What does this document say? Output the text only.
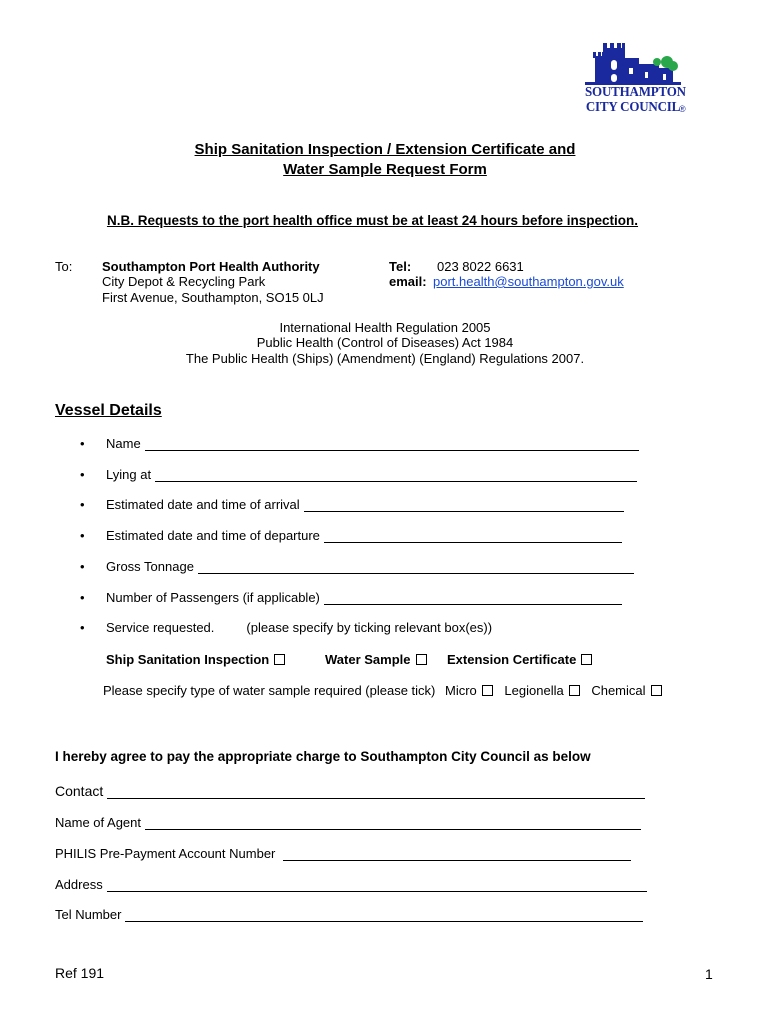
SOUTHAMPTON
CITY COUNCIL
®
Ship Sanitation Inspection / Extension Certificate and
Water Sample Request Form
N.B. Requests to the port health office must be at least 24 hours before inspection.
To: Southampton Port Health Authority
City Depot & Recycling Park
First Avenue, Southampton, SO15 0LJ
Tel: 023 8022 6631
email: port.health@southampton.gov.uk
International Health Regulation 2005
Public Health (Control of Diseases) Act 1984
The Public Health (Ships) (Amendment) (England) Regulations 2007.
Vessel Details
•	Name
•	Lying at
•	Estimated date and time of arrival
•	Estimated date and time of departure
•	Gross Tonnage
•	Number of Passengers (if applicable)
•	Service requested. (please specify by ticking relevant box(es))
Ship Sanitation Inspection	Water Sample	Extension Certificate
Please specify type of water sample required (please tick) Micro Legionella Chemical
I hereby agree to pay the appropriate charge to Southampton City Council as below
Contact
Name of Agent
PHILIS Pre-Payment Account Number
Address
Tel Number
Ref 191	1
